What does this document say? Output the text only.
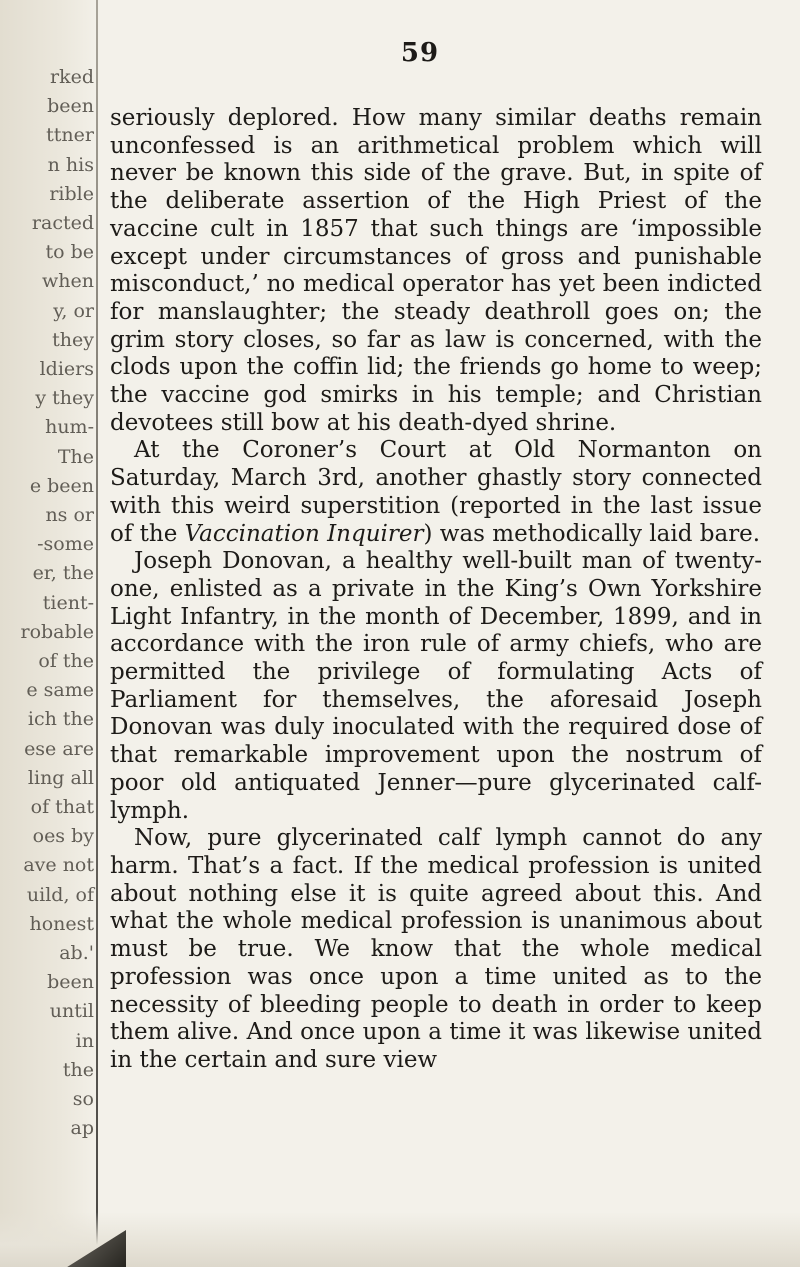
rked
been
ttner
n his
rible
racted
to be
when
y, or
they
ldiers
y they
hum-
The
e been
ns or
-some
er, the
tient-
robable
of the
e same
ich the
ese are
ling all
of that
oes by
ave not
uild, of
honest
ab.'
been
until
in
the
so
ap
59

seriously deplored. How many similar deaths remain unconfessed is an arithmetical problem which will never be known this side of the grave. But, in spite of the deliberate assertion of the High Priest of the vaccine cult in 1857 that such things are ‘impossible except under circumstances of gross and punishable misconduct,’ no medical operator has yet been indicted for manslaughter; the steady deathroll goes on; the grim story closes, so far as law is concerned, with the clods upon the coffin lid; the friends go home to weep; the vaccine god smirks in his temple; and Christian devotees still bow at his death-dyed shrine.

At the Coroner’s Court at Old Normanton on Saturday, March 3rd, another ghastly story connected with this weird superstition (reported in the last issue of the Vaccination Inquirer) was methodically laid bare.

Joseph Donovan, a healthy well-built man of twenty-one, enlisted as a private in the King’s Own Yorkshire Light Infantry, in the month of December, 1899, and in accordance with the iron rule of army chiefs, who are permitted the privilege of formulating Acts of Parliament for themselves, the aforesaid Joseph Donovan was duly inoculated with the required dose of that remarkable improvement upon the nostrum of poor old antiquated Jenner—pure glycerinated calf-lymph.

Now, pure glycerinated calf lymph cannot do any harm. That’s a fact. If the medical profession is united about nothing else it is quite agreed about this. And what the whole medical profession is unanimous about must be true. We know that the whole medical profession was once upon a time united as to the necessity of bleeding people to death in order to keep them alive. And once upon a time it was likewise united in the certain and sure view
